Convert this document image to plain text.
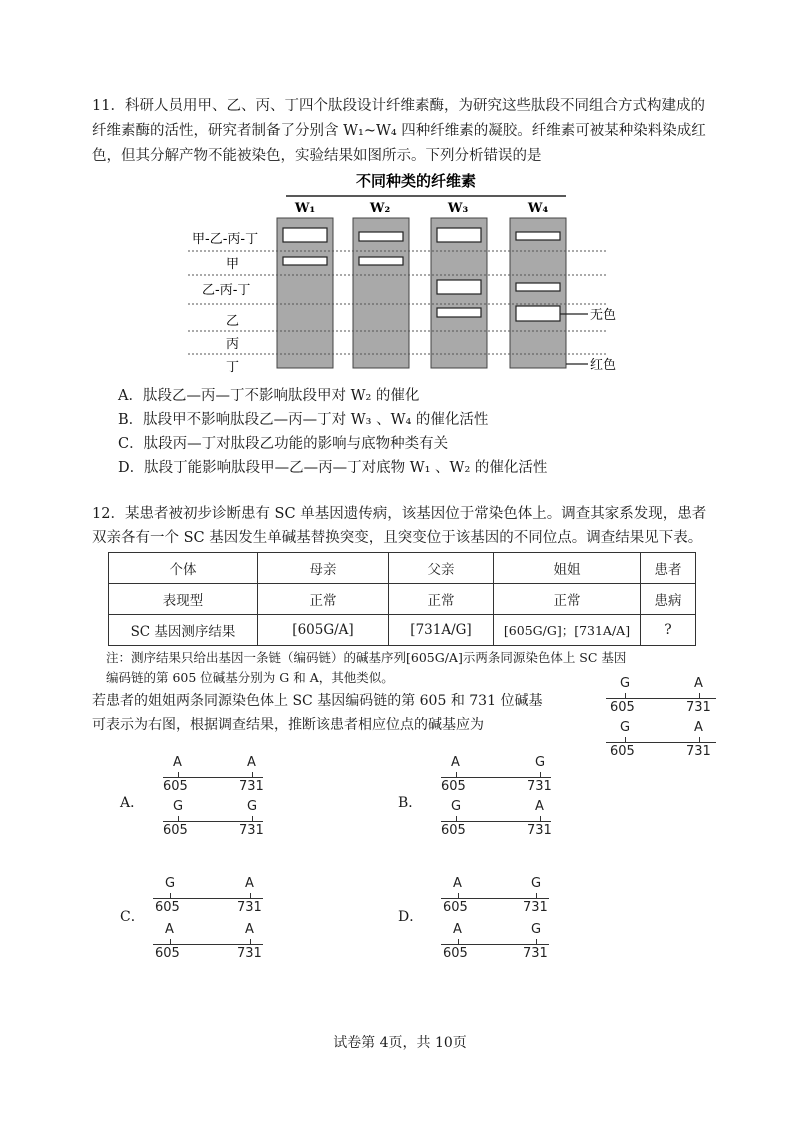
11．科研人员用甲、乙、丙、丁四个肽段设计纤维素酶，为研究这些肽段不同组合方式构建成的
纤维素酶的活性，研究者制备了分别含 W₁~W₄ 四种纤维素的凝胶。纤维素可被某种染料染成红
色，但其分解产物不能被染色，实验结果如图所示。下列分析错误的是
不同种类的纤维素
W₁	W₂	W₃	W₄
甲-乙-丙-丁
甲
乙-丙-丁
乙
丙
丁
无色
红色
A．肽段乙—丙—丁不影响肽段甲对 W₂ 的催化
B．肽段甲不影响肽段乙—丙—丁对 W₃ 、W₄ 的催化活性
C．肽段丙—丁对肽段乙功能的影响与底物种类有关
D．肽段丁能影响肽段甲—乙—丙—丁对底物 W₁ 、W₂ 的催化活性
12．某患者被初步诊断患有 SC 单基因遗传病，该基因位于常染色体上。调查其家系发现，患者
双亲各有一个 SC 基因发生单碱基替换突变，且突变位于该基因的不同位点。调查结果见下表。
个体	母亲	父亲	姐姐	患者
表现型	正常	正常	正常	患病
SC 基因测序结果	[605G/A]	[731A/G]	[605G/G]；[731A/A]	?
注：测序结果只给出基因一条链（编码链）的碱基序列[605G/A]示两条同源染色体上 SC 基因
编码链的第 605 位碱基分别为 G 和 A，其他类似。
若患者的姐姐两条同源染色体上 SC 基因编码链的第 605 和 731 位碱基
可表示为右图，根据调查结果，推断该患者相应位点的碱基应为
G	A
605	731
G	A
605	731
A．
A	A
605	731
G	G
605	731
B．
A	G
605	731
G	A
605	731
C．
G	A
605	731
A	A
605	731
D．
A	G
605	731
A	G
605	731
试卷第 4页，共 10页
